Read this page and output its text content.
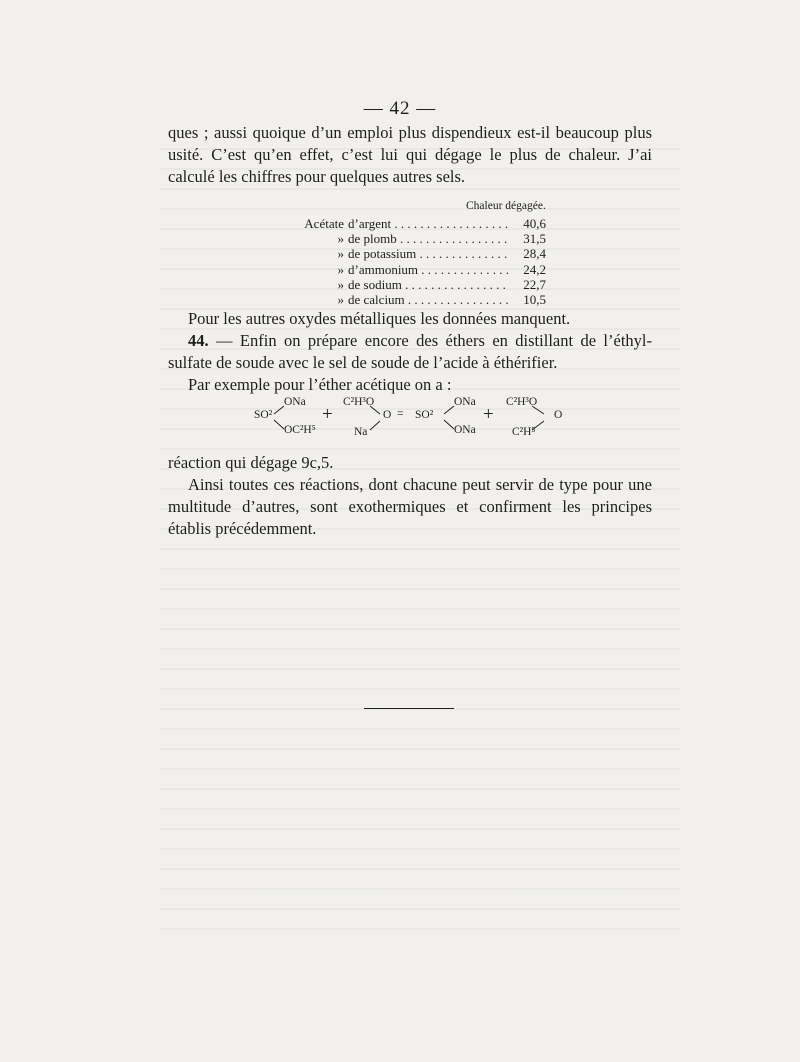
— 42 —

ques ; aussi quoique d’un emploi plus dispendieux est-il beaucoup plus usité. C’est qu’en effet, c’est lui qui dégage le plus de chaleur. J’ai calculé les chiffres pour quelques autres sels.

Chaleur dégagée.
Acétate d’argent . . .	40,6
» de plomb . . .	31,5
» de potassium . . .	28,4
» d’ammonium . . .	24,2
» de sodium . . .	22,7
» de calcium . . .	10,5

Pour les autres oxydes métalliques les données manquent.

44. — Enfin on prépare encore des éthers en distillant de l’éthyl-sulfate de soude avec le sel de soude de l’acide à éthérifier.

Par exemple pour l’éther acétique on a :

SO²
ONa
OC²H⁵
+
C²H³O
Na
O = SO²
ONa
ONa
+
C²H³O
C²H⁵
O

réaction qui dégage 9c,5.

Ainsi toutes ces réactions, dont chacune peut servir de type pour une multitude d’autres, sont exothermiques et confirment les principes établis précédemment.
